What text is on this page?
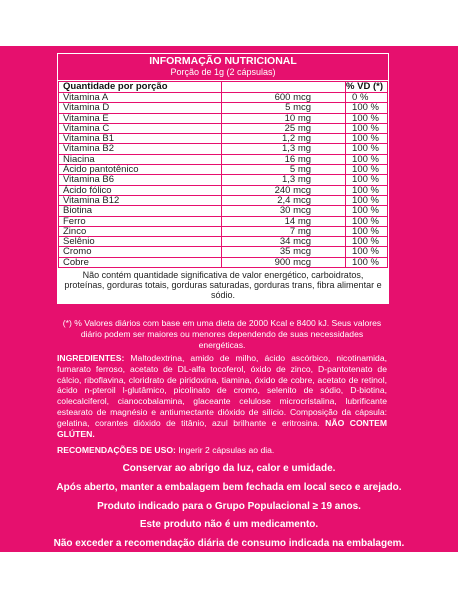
INFORMAÇÃO NUTRICIONAL
Porção de 1g (2 cápsulas)
Quantidade por porção		% VD (*)
Vitamina A	600 mcg	0 %
Vitamina D	5 mcg	100 %
Vitamina E	10 mg	100 %
Vitamina C	25 mg	100 %
Vitamina B1	1,2 mg	100 %
Vitamina B2	1,3 mg	100 %
Niacina	16 mg	100 %
Ácido pantotênico	5 mg	100 %
Vitamina B6	1,3 mg	100 %
Ácido fólico	240 mcg	100 %
Vitamina B12	2,4 mcg	100 %
Biotina	30 mcg	100 %
Ferro	14 mg	100 %
Zinco	7 mg	100 %
Selênio	34 mcg	100 %
Cromo	35 mcg	100 %
Cobre	900 mcg	100 %
Não contém quantidade significativa de valor energético, carboidratos, proteínas, gorduras totais, gorduras saturadas, gorduras trans, fibra alimentar e sódio.

(*) % Valores diários com base em uma dieta de 2000 Kcal e 8400 kJ. Seus valores diário podem ser maiores ou menores dependendo de suas necessidades energéticas.

INGREDIENTES: Maltodextrina, amido de milho, ácido ascórbico, nicotinamida, fumarato ferroso, acetato de DL-alfa tocoferol, óxido de zinco, D-pantotenato de cálcio, riboflavina, cloridrato de piridoxina, tiamina, óxido de cobre, acetato de retinol, ácido n-pteroil l-glutâmico, picolinato de cromo, selenito de sódio, D-biotina, colecalciferol, cianocobalamina, glaceante celulose microcristalina, lubrificante estearato de magnésio e antiumectante dióxido de silício. Composição da cápsula: gelatina, corantes dióxido de titânio, azul brilhante e eritrosina. NÃO CONTEM GLÚTEN.

RECOMENDAÇÕES DE USO: Ingerir 2 cápsulas ao dia.

Conservar ao abrigo da luz, calor e umidade.
Após aberto, manter a embalagem bem fechada em local seco e arejado.
Produto indicado para o Grupo Populacional ≥ 19 anos.
Este produto não é um medicamento.
Não exceder a recomendação diária de consumo indicada na embalagem.
Mantenha fora do alcance de crianças.
